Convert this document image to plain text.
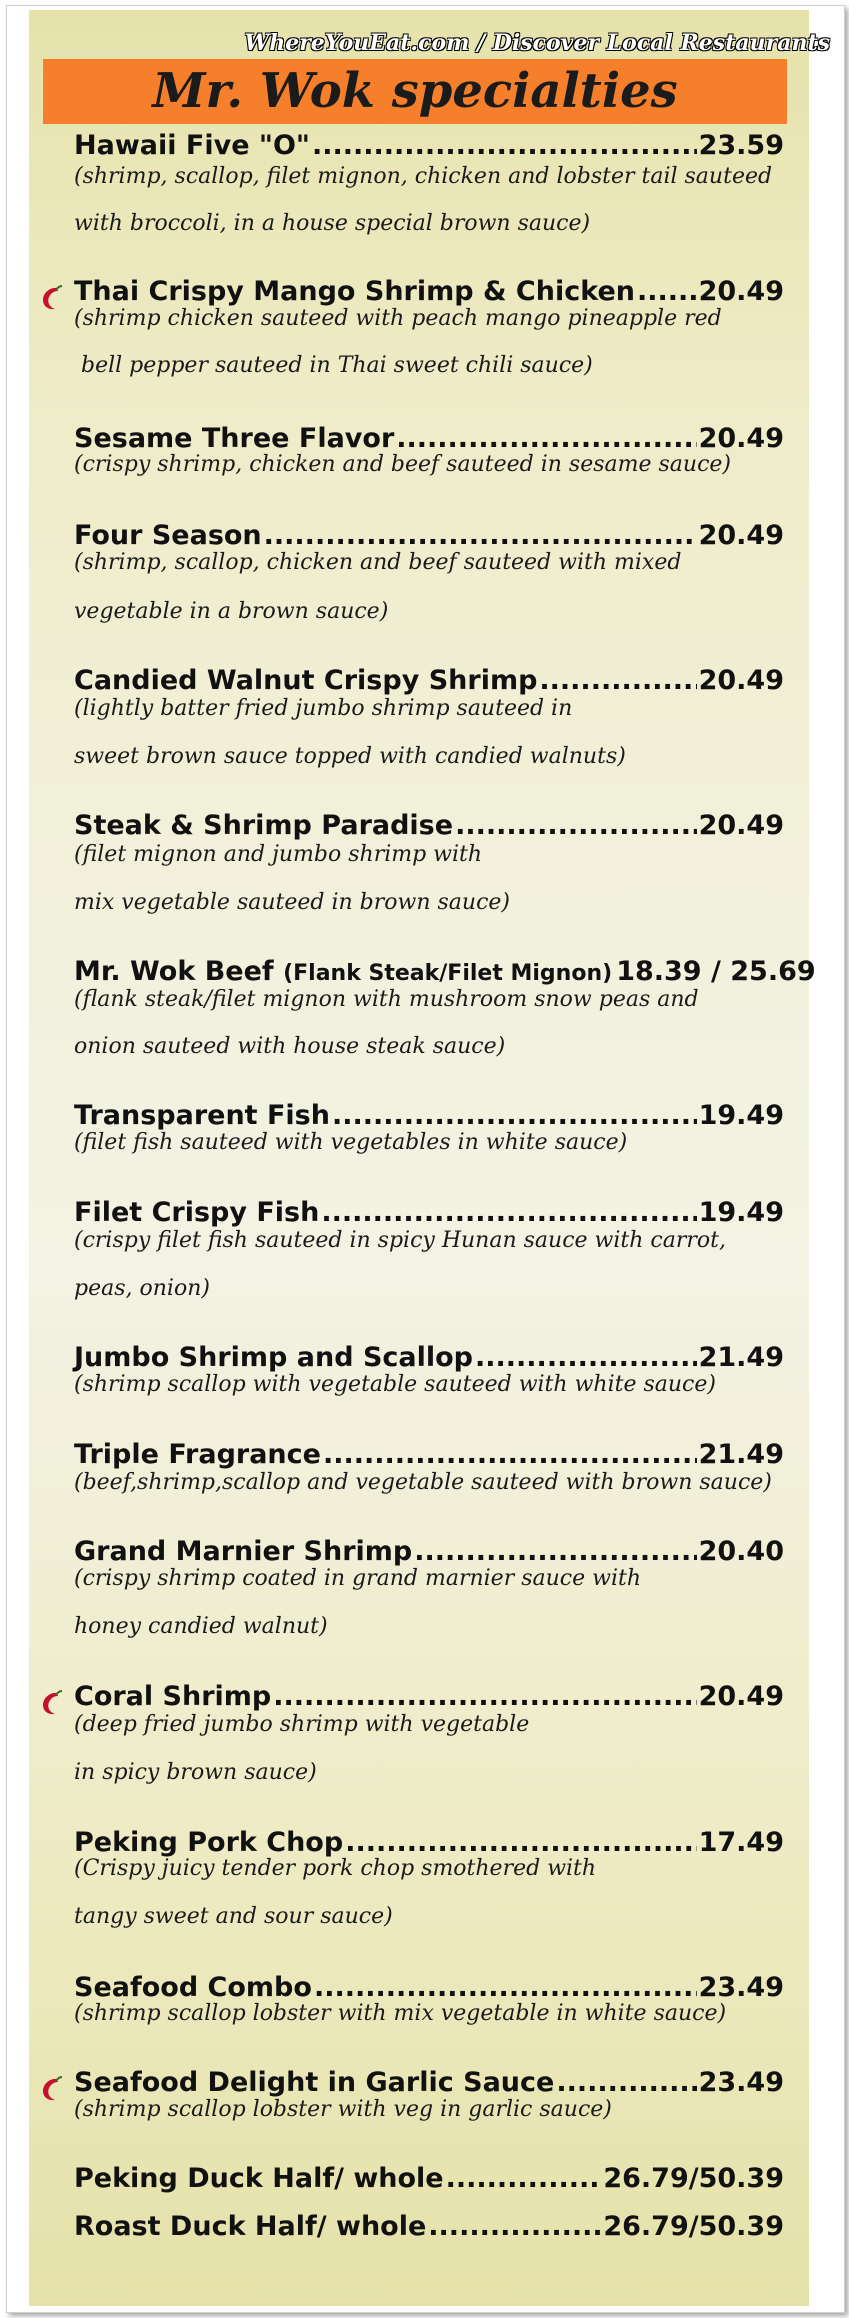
WhereYouEat.com / Discover Local Restaurants
Mr. Wok specialties
Hawaii Five "O" .....	23.59
(shrimp, scallop, filet mignon, chicken and lobster tail sauteed
with broccoli, in a house special brown sauce)
Thai Crispy Mango Shrimp & Chicken ..... 20.49
(shrimp chicken sauteed with peach mango pineapple red
bell pepper sauteed in Thai sweet chili sauce)
Sesame Three Flavor .....	20.49
(crispy shrimp, chicken and beef sauteed in sesame sauce)
Four Season .....	20.49
(shrimp, scallop, chicken and beef sauteed with mixed
vegetable in a brown sauce)
Candied Walnut Crispy Shrimp .....	20.49
(lightly batter fried jumbo shrimp sauteed in
sweet brown sauce topped with candied walnuts)
Steak & Shrimp Paradise .....	20.49
(filet mignon and jumbo shrimp with
mix vegetable sauteed in brown sauce)
Mr. Wok Beef (Flank Steak/Filet Mignon) 18.39 / 25.69
(flank steak/filet mignon with mushroom snow peas and
onion sauteed with house steak sauce)
Transparent Fish .....	19.49
(filet fish sauteed with vegetables in white sauce)
Filet Crispy Fish .....	19.49
(crispy filet fish sauteed in spicy Hunan sauce with carrot,
peas, onion)
Jumbo Shrimp and Scallop .....	21.49
(shrimp scallop with vegetable sauteed with white sauce)
Triple Fragrance .....	21.49
(beef,shrimp,scallop and vegetable sauteed with brown sauce)
Grand Marnier Shrimp .....	20.40
(crispy shrimp coated in grand marnier sauce with
honey candied walnut)
Coral Shrimp .....	20.49
(deep fried jumbo shrimp with vegetable
in spicy brown sauce)
Peking Pork Chop .....	17.49
(Crispy juicy tender pork chop smothered with
tangy sweet and sour sauce)
Seafood Combo .....	23.49
(shrimp scallop lobster with mix vegetable in white sauce)
Seafood Delight in Garlic Sauce .....	23.49
(shrimp scallop lobster with veg in garlic sauce)
Peking Duck Half/ whole .....	26.79/50.39
Roast Duck Half/ whole .....	26.79/50.39
